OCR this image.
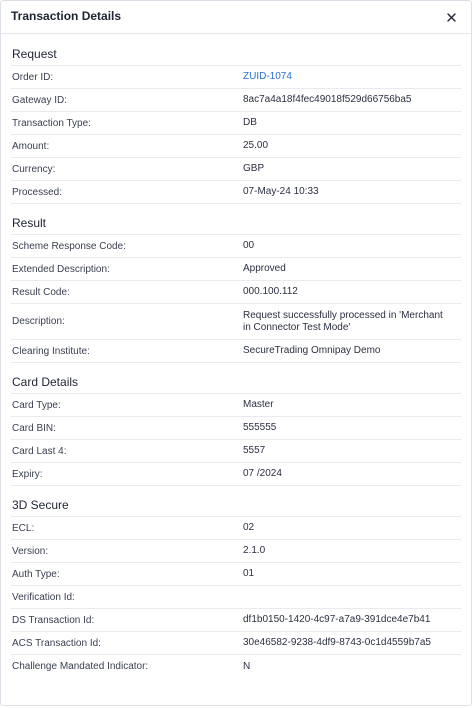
Transaction Details
Request
Order ID:	ZUID-1074
Gateway ID:	8ac7a4a18f4fec49018f529d66756ba5
Transaction Type:	DB
Amount:	25.00
Currency:	GBP
Processed:	07-May-24 10:33
Result
Scheme Response Code:	00
Extended Description:	Approved
Result Code:	000.100.112
Description:
Request successfully processed in 'Merchant in Connector Test Mode'
Clearing Institute:	SecureTrading Omnipay Demo
Card Details
Card Type:	Master
Card BIN:	555555
Card Last 4:	5557
Expiry:	07 /2024
3D Secure
ECL:	02
Version:	2.1.0
Auth Type:	01
Verification Id:
DS Transaction Id:	df1b0150-1420-4c97-a7a9-391dce4e7b41
ACS Transaction Id:	30e46582-9238-4df9-8743-0c1d4559b7a5
Challenge Mandated Indicator:	N
